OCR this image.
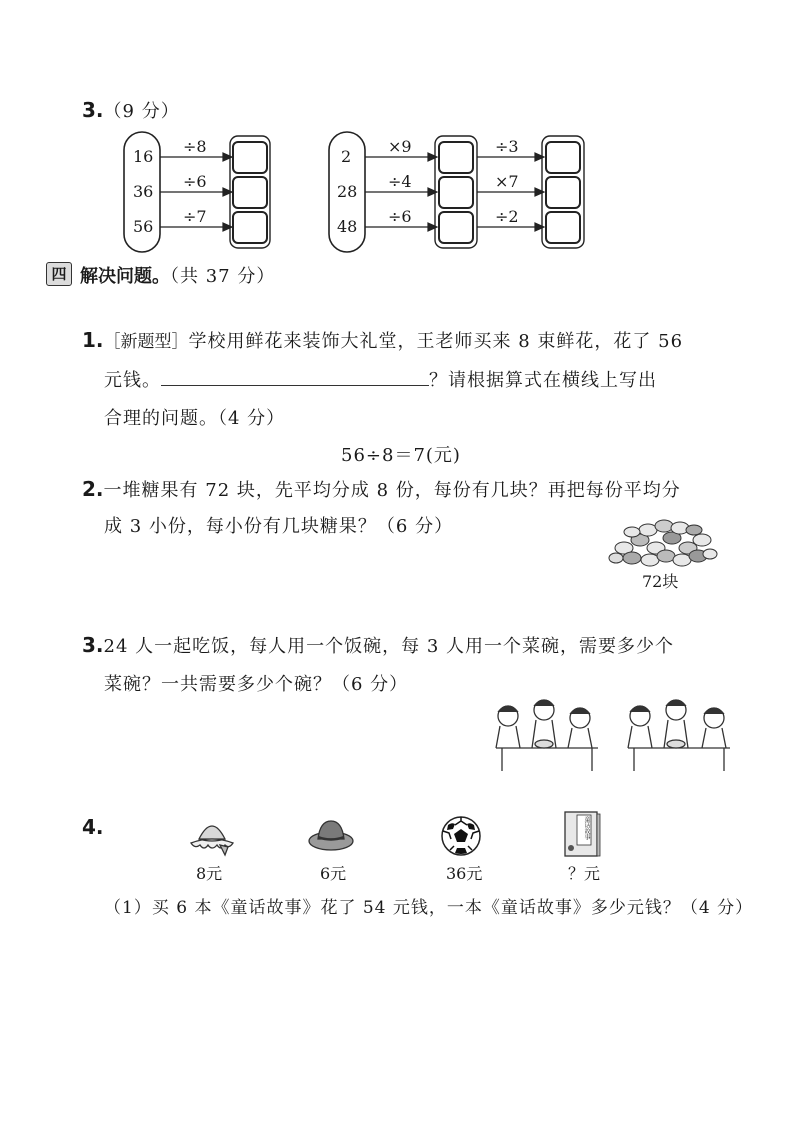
3.（9 分）
16
36
56
÷8
÷6
÷7
2
28
48
×9
÷4
÷6
÷3
×7
÷2
四 解决问题。（共 37 分）
1.［新题型］学校用鲜花来装饰大礼堂，王老师买来 8 束鲜花，花了 56
元钱。	？请根据算式在横线上写出
合理的问题。（4 分）
56÷8＝7(元)
2.一堆糖果有 72 块，先平均分成 8 份，每份有几块？再把每份平均分
成 3 小份，每小份有几块糖果？（6 分）
72块
3.24 人一起吃饭，每人用一个饭碗，每 3 人用一个菜碗，需要多少个
菜碗？一共需要多少个碗？（6 分）
4.
8元	6元	36元
童话故事
？元
（1）买 6 本《童话故事》花了 54 元钱，一本《童话故事》多少元钱？（4 分）
